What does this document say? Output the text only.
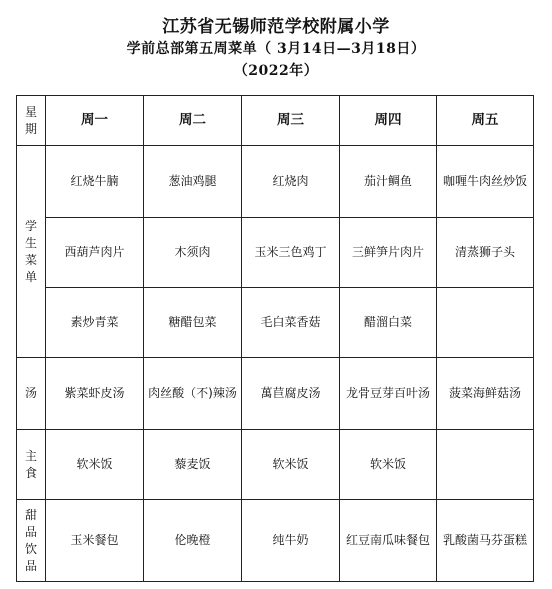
江苏省无锡师范学校附属小学
学前总部第五周菜单（ 3月14日—3月18日）
（2022年）
星
期	周一	周二	周三	周四	周五

学
生
菜
单	红烧牛腩	葱油鸡腿	红烧肉	茄汁鲷鱼	咖喱牛肉丝炒饭
	西葫芦肉片	木须肉	玉米三色鸡丁	三鲜笋片肉片	清蒸狮子头
	素炒青菜	糖醋包菜	毛白菜香菇	醋溜白菜	

汤	紫菜虾皮汤	肉丝酸（不)辣汤	萬苣腐皮汤	龙骨豆芽百叶汤	菠菜海鲜菇汤

主
食	软米饭	藜麦饭	软米饭	软米饭	

甜
品
饮
品	玉米餐包	伦晚橙	纯牛奶	红豆南瓜味餐包	乳酸菌马芬蛋糕
